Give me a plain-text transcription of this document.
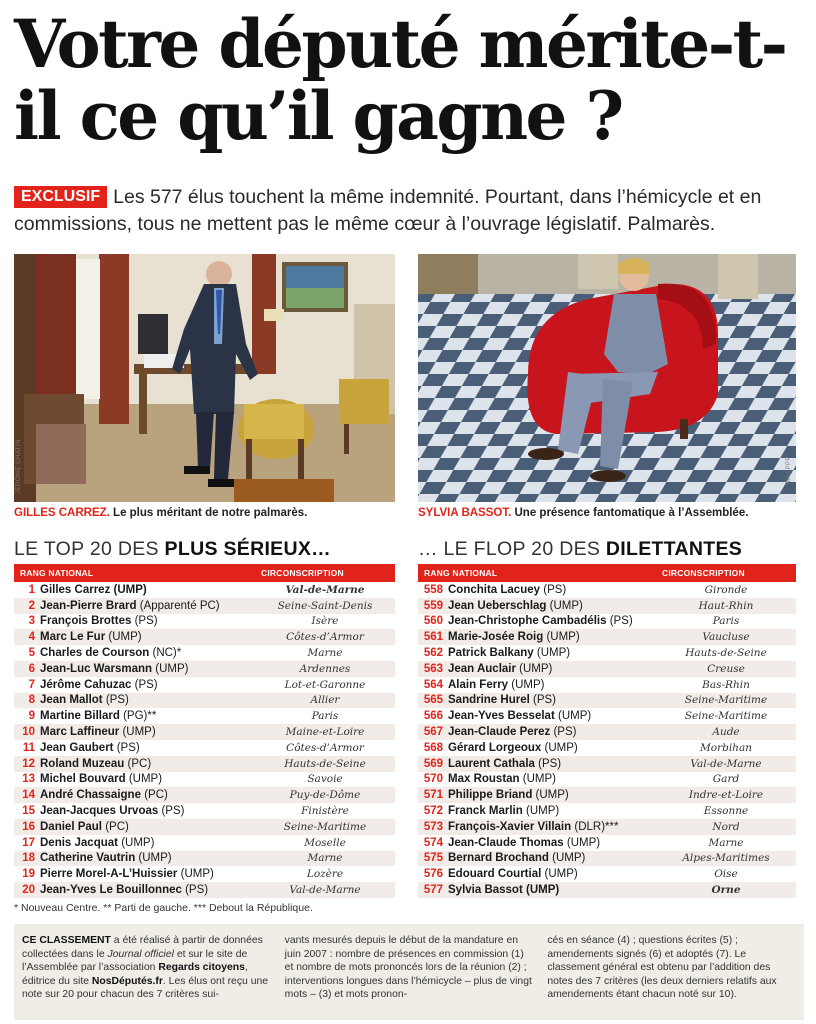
Votre député mérite-t-il ce qu’il gagne ?
EXCLUSIF Les 577 élus touchent la même indemnité. Pourtant, dans l’hémicycle et en commissions, tous ne mettent pas le même cœur à l’ouvrage législatif. Palmarès.
JÉRÔME CHATIN	MAXPPP
GILLES CARREZ. Le plus méritant de notre palmarès.	SYLVIA BASSOT. Une présence fantomatique à l’Assemblée.
LE TOP 20 DES PLUS SÉRIEUX…	… LE FLOP 20 DES DILETTANTES
RANG NATIONAL		CIRCONSCRIPTION
1	Gilles Carrez (UMP)	Val-de-Marne
2	Jean-Pierre Brard (Apparenté PC)	Seine-Saint-Denis
3	François Brottes (PS)	Isère
4	Marc Le Fur (UMP)	Côtes-d’Armor
5	Charles de Courson (NC)*	Marne
6	Jean-Luc Warsmann (UMP)	Ardennes
7	Jérôme Cahuzac (PS)	Lot-et-Garonne
8	Jean Mallot (PS)	Allier
9	Martine Billard (PG)**	Paris
10	Marc Laffineur (UMP)	Maine-et-Loire
11	Jean Gaubert (PS)	Côtes-d’Armor
12	Roland Muzeau (PC)	Hauts-de-Seine
13	Michel Bouvard (UMP)	Savoie
14	André Chassaigne (PC)	Puy-de-Dôme
15	Jean-Jacques Urvoas (PS)	Finistère
16	Daniel Paul (PC)	Seine-Maritime
17	Denis Jacquat (UMP)	Moselle
18	Catherine Vautrin (UMP)	Marne
19	Pierre Morel-A-L’Huissier (UMP)	Lozère
20	Jean-Yves Le Bouillonnec (PS)	Val-de-Marne
RANG NATIONAL		CIRCONSCRIPTION
558	Conchita Lacuey (PS)	Gironde
559	Jean Ueberschlag (UMP)	Haut-Rhin
560	Jean-Christophe Cambadélis (PS)	Paris
561	Marie-Josée Roig (UMP)	Vaucluse
562	Patrick Balkany (UMP)	Hauts-de-Seine
563	Jean Auclair (UMP)	Creuse
564	Alain Ferry (UMP)	Bas-Rhin
565	Sandrine Hurel (PS)	Seine-Maritime
566	Jean-Yves Besselat (UMP)	Seine-Maritime
567	Jean-Claude Perez (PS)	Aude
568	Gérard Lorgeoux (UMP)	Morbihan
569	Laurent Cathala (PS)	Val-de-Marne
570	Max Roustan (UMP)	Gard
571	Philippe Briand (UMP)	Indre-et-Loire
572	Franck Marlin (UMP)	Essonne
573	François-Xavier Villain (DLR)***	Nord
574	Jean-Claude Thomas (UMP)	Marne
575	Bernard Brochand (UMP)	Alpes-Maritimes
576	Edouard Courtial (UMP)	Oise
577	Sylvia Bassot (UMP)	Orne
* Nouveau Centre. ** Parti de gauche. *** Debout la République.
CE CLASSEMENT a été réalisé à partir de données collectées dans le Journal officiel et sur le site de l’Assemblée par l’association Regards citoyens, éditrice du site NosDéputés.fr. Les élus ont reçu une note sur 20 pour chacun des 7 critères sui-
vants mesurés depuis le début de la mandature en juin 2007 : nombre de présences en commission (1) et nombre de mots prononcés lors de la réunion (2) ; interventions longues dans l’hémicycle – plus de vingt mots – (3) et mots pronon-
cés en séance (4) ; questions écrites (5) ; amendements signés (6) et adoptés (7). Le classement général est obtenu par l’addition des notes des 7 critères (les deux derniers relatifs aux amendements étant chacun noté sur 10).
